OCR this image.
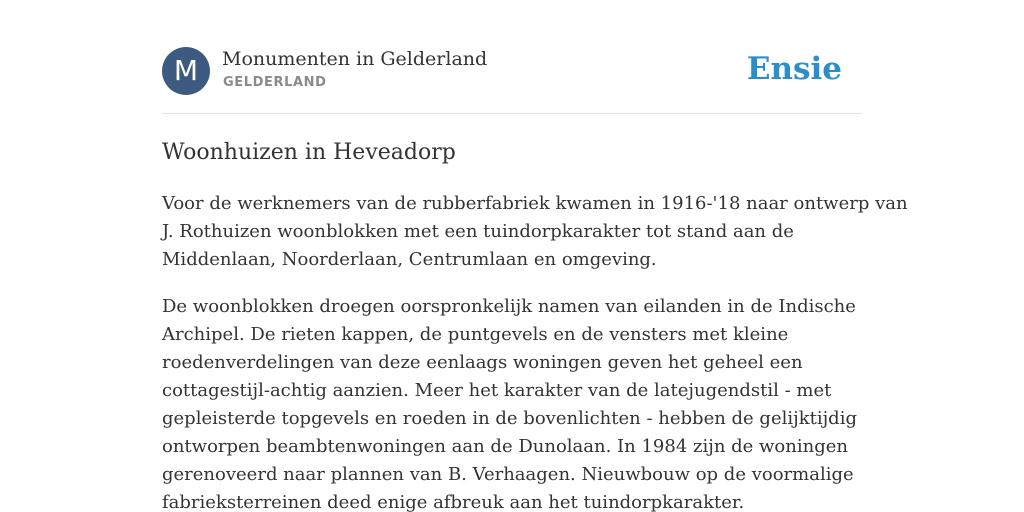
M	Monumenten in Gelderland
GELDERLAND	Ensie
Woonhuizen in Heveadorp

Voor de werknemers van de rubberfabriek kwamen in 1916-'18 naar ontwerp van
J. Rothuizen woonblokken met een tuindorpkarakter tot stand aan de
Middenlaan, Noorderlaan, Centrumlaan en omgeving.

De woonblokken droegen oorspronkelijk namen van eilanden in de Indische
Archipel. De rieten kappen, de puntgevels en de vensters met kleine
roedenverdelingen van deze eenlaags woningen geven het geheel een
cottagestijl-achtig aanzien. Meer het karakter van de latejugendstil - met
gepleisterde topgevels en roeden in de bovenlichten - hebben de gelijktijdig
ontworpen beambtenwoningen aan de Dunolaan. In 1984 zijn de woningen
gerenoveerd naar plannen van B. Verhaagen. Nieuwbouw op de voormalige
fabrieksterreinen deed enige afbreuk aan het tuindorpkarakter.
